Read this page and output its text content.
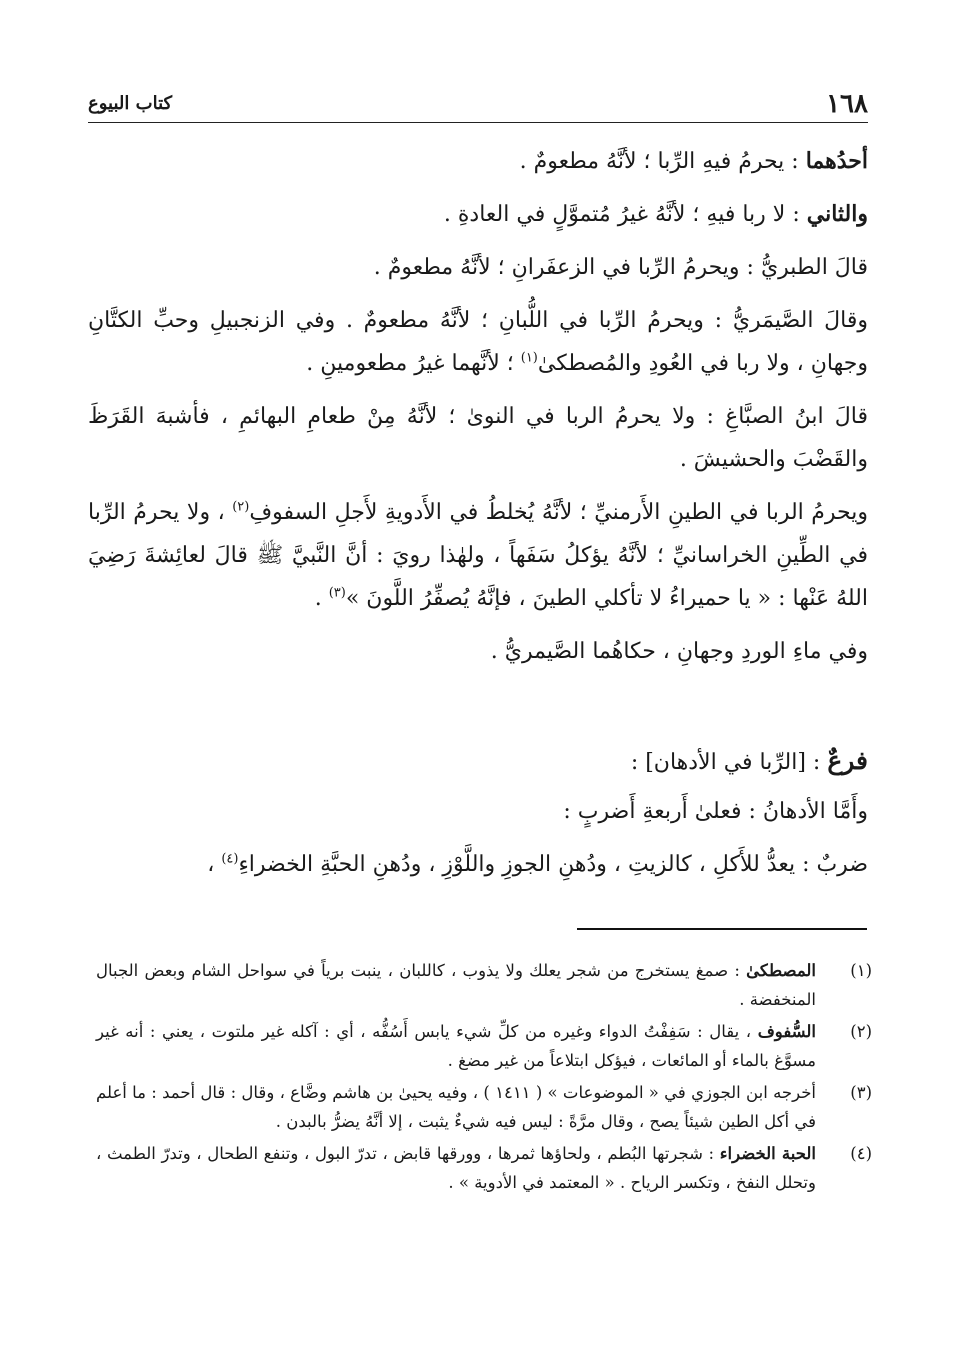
١٦٨
كتاب البيوع

أحدُهما : يحرمُ فيهِ الرِّبا ؛ لأنَّهُ مطعومٌ .

والثاني : لا ربا فيهِ ؛ لأنَّهُ غيرُ مُتموَّلٍ في العادةِ .

قالَ الطبريُّ : ويحرمُ الرِّبا في الزعفَرانِ ؛ لأنَّهُ مطعومٌ .

وقالَ الصَّيمَريُّ : ويحرمُ الرِّبا في اللُّبانِ ؛ لأنَّهُ مطعومٌ . وفي الزنجبيلِ وحبِّ الكتَّانِ وجهانِ ، ولا ربا في العُودِ والمُصطكىٰ$^{(١)}$ ؛ لأنَّهما غيرُ مطعومينِ .

قالَ ابنُ الصبَّاغِ : ولا يحرمُ الربا في النوىٰ ؛ لأنَّهُ مِنْ طعامِ البهائمِ ، فأشبهَ القَرَظَ والقَضْبَ والحشيشَ .

ويحرمُ الربا في الطينِ الأَرمنيِّ ؛ لأنَّهُ يُخلطُ في الأَدويةِ لأَجلِ السفوفِ$^{(٢)}$ ، ولا يحرمُ الرِّبا في الطِّينِ الخراسانيِّ ؛ لأنَّهُ يؤكلُ سَفَهاً ، ولهٰذا رويَ : أنَّ النَّبيَّ ﷺ قالَ لعائِشةَ رَضِيَ اللهُ عَنْها : « يا حميراءُ لا تأكلي الطينَ ، فإنَّهُ يُصفِّرُ اللَّونَ »$^{(٣)}$ .

وفي ماءِ الوردِ وجهانِ ، حكاهُما الصَّيمريُّ .

فرعٌ : [الرِّبا في الأدهان] :

وأَمَّا الأدهانُ : فعلىٰ أَربعةِ أَضربٍ :

ضربٌ : يعدُّ للأَكلِ ، كالزيتِ ، ودُهنِ الجوزِ واللَّوْزِ ، ودُهنِ الحبَّةِ الخضراءِ$^{(٤)}$ ،

(١)
المصطكىٰ : صمغ يستخرج من شجر يعلك ولا يذوب ، كاللبان ، ينبت برياً في سواحل الشام وبعض الجبال المنخفضة .
(٢)
السُّفوف ، يقال : سَفِفْتُ الدواء وغيره من كلِّ شيء يابس أَسُفُّه ، أي : آكله غير ملتوت ، يعني : أنه غير مسوَّغ بالماء أو المائعات ، فيؤكل ابتلاعاً من غير مضغ .
(٣)
أخرجه ابن الجوزي في « الموضوعات » ( ١٤١١ ) ، وفيه يحيىٰ بن هاشم وضَّاع ، وقال : قال أحمد : ما أعلم في أكل الطين شيئاً يصح ، وقال مرَّةً : ليس فيه شيءٌ يثبت ، إلا أنَّهُ يضرُّ بالبدن .
(٤)
الحبة الخضراء : شجرتها البُطم ، ولحاؤها ثمرها ، وورقها قابض ، تدرّ البول ، وتنفع الطحال ، وتدرّ الطمث ، وتحلل النفخ ، وتكسر الرياح . « المعتمد في الأدوية » .
